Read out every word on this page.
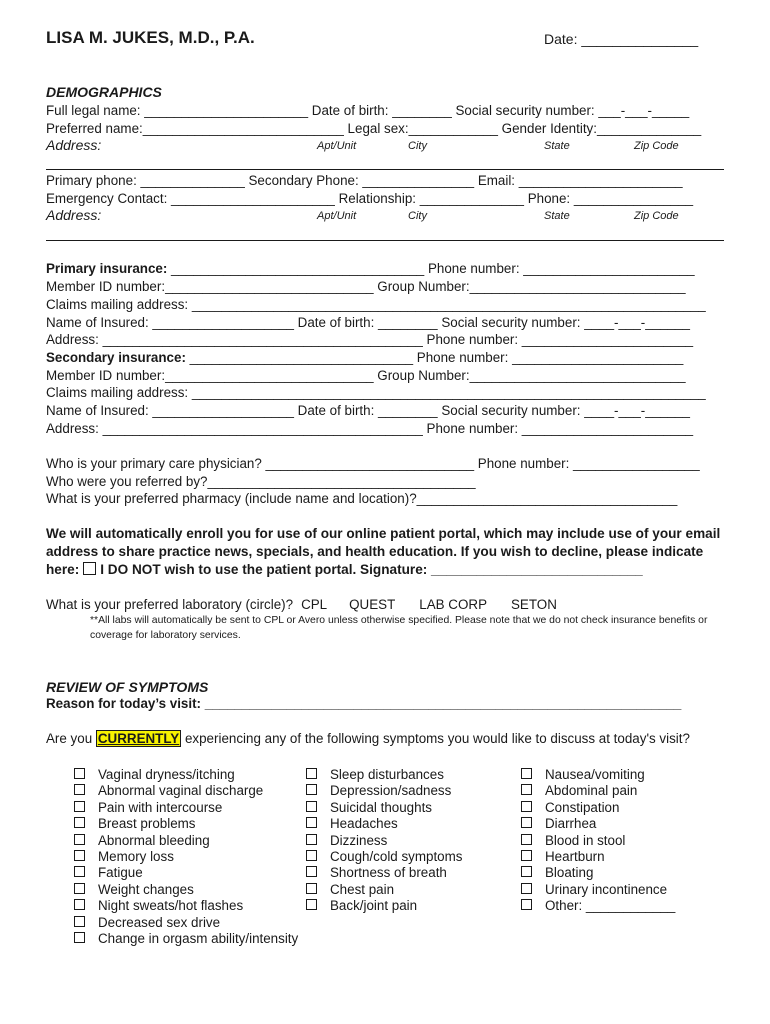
LISA M. JUKES, M.D., P.A.	Date: _______________
DEMOGRAPHICS
Full legal name: ______________________ Date of birth: ________ Social security number: ___-___-_____
Preferred name:___________________________ Legal sex:____________ Gender Identity:______________
Address:	Apt/Unit	City	State	Zip Code
Primary phone: ______________ Secondary Phone: _______________ Email: ______________________
Emergency Contact: ______________________ Relationship: ______________ Phone: ________________
Address:	Apt/Unit	City	State	Zip Code
Primary insurance: __________________________________ Phone number: _______________________
Member ID number:____________________________ Group Number:_____________________________
Claims mailing address: _____________________________________________________________________
Name of Insured: ___________________ Date of birth: ________ Social security number: ____-___-______
Address: ___________________________________________ Phone number: _______________________
Secondary insurance: ______________________________ Phone number: _______________________
Member ID number:____________________________ Group Number:_____________________________
Claims mailing address: _____________________________________________________________________
Name of Insured: ___________________ Date of birth: ________ Social security number: ____-___-______
Address: ___________________________________________ Phone number: _______________________
Who is your primary care physician? ____________________________ Phone number: _________________
Who were you referred by?____________________________________
What is your preferred pharmacy (include name and location)?___________________________________
We will automatically enroll you for use of our online patient portal, which may include use of your email address to share practice news, specials, and health education. If you wish to decline, please indicate here: I DO NOT wish to use the patient portal. Signature: ____________________________
What is your preferred laboratory (circle)? CPL QUEST LAB CORP SETON
**All labs will automatically be sent to CPL or Avero unless otherwise specified. Please note that we do not check insurance benefits or coverage for laboratory services.
REVIEW OF SYMPTOMS
Reason for today’s visit: ________________________________________________________________
Are you CURRENTLY experiencing any of the following symptoms you would like to discuss at today's visit?
Vaginal dryness/itching
Abnormal vaginal discharge
Pain with intercourse
Breast problems
Abnormal bleeding
Memory loss
Fatigue
Weight changes
Night sweats/hot flashes
Decreased sex drive
Change in orgasm ability/intensity
Sleep disturbances
Depression/sadness
Suicidal thoughts
Headaches
Dizziness
Cough/cold symptoms
Shortness of breath
Chest pain
Back/joint pain
Nausea/vomiting
Abdominal pain
Constipation
Diarrhea
Blood in stool
Heartburn
Bloating
Urinary incontinence
Other: ____________
